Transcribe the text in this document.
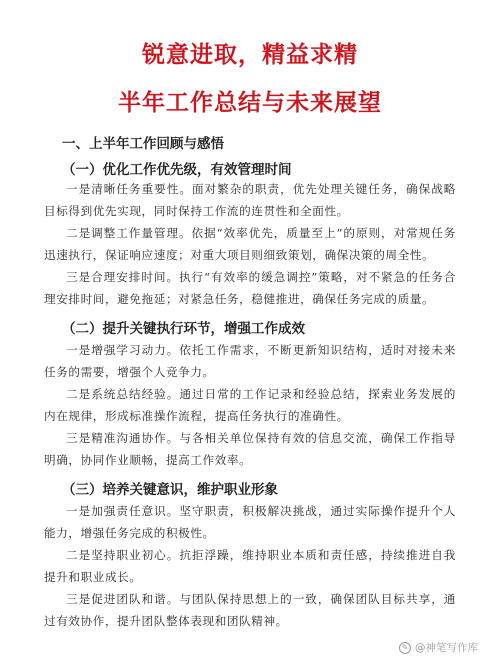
锐意进取，精益求精
半年工作总结与未来展望
一、上半年工作回顾与感悟
（一）优化工作优先级，有效管理时间
一是清晰任务重要性。面对繁杂的职责，优先处理关键任务，确保战略目标得到优先实现，同时保持工作流的连贯性和全面性。
二是调整工作量管理。依据“效率优先，质量至上”的原则，对常规任务迅速执行，保证响应速度；对重大项目则细致策划，确保决策的周全性。
三是合理安排时间。执行“有效率的缓急调控”策略，对不紧急的任务合理安排时间，避免拖延；对紧急任务，稳健推进，确保任务完成的质量。
（二）提升关键执行环节，增强工作成效
一是增强学习动力。依托工作需求，不断更新知识结构，适时对接未来任务的需要，增强个人竞争力。
二是系统总结经验。通过日常的工作记录和经验总结，探索业务发展的内在规律，形成标准操作流程，提高任务执行的准确性。
三是精准沟通协作。与各相关单位保持有效的信息交流，确保工作指导明确，协同作业顺畅，提高工作效率。
（三）培养关键意识，维护职业形象
一是加强责任意识。坚守职责，积极解决挑战，通过实际操作提升个人能力，增强任务完成的积极性。
二是坚持职业初心。抗拒浮躁，维持职业本质和责任感，持续推进自我提升和职业成长。
三是促进团队和谐。与团队保持思想上的一致，确保团队目标共享，通过有效协作，提升团队整体表现和团队精神。
✎ @神笔写作库
